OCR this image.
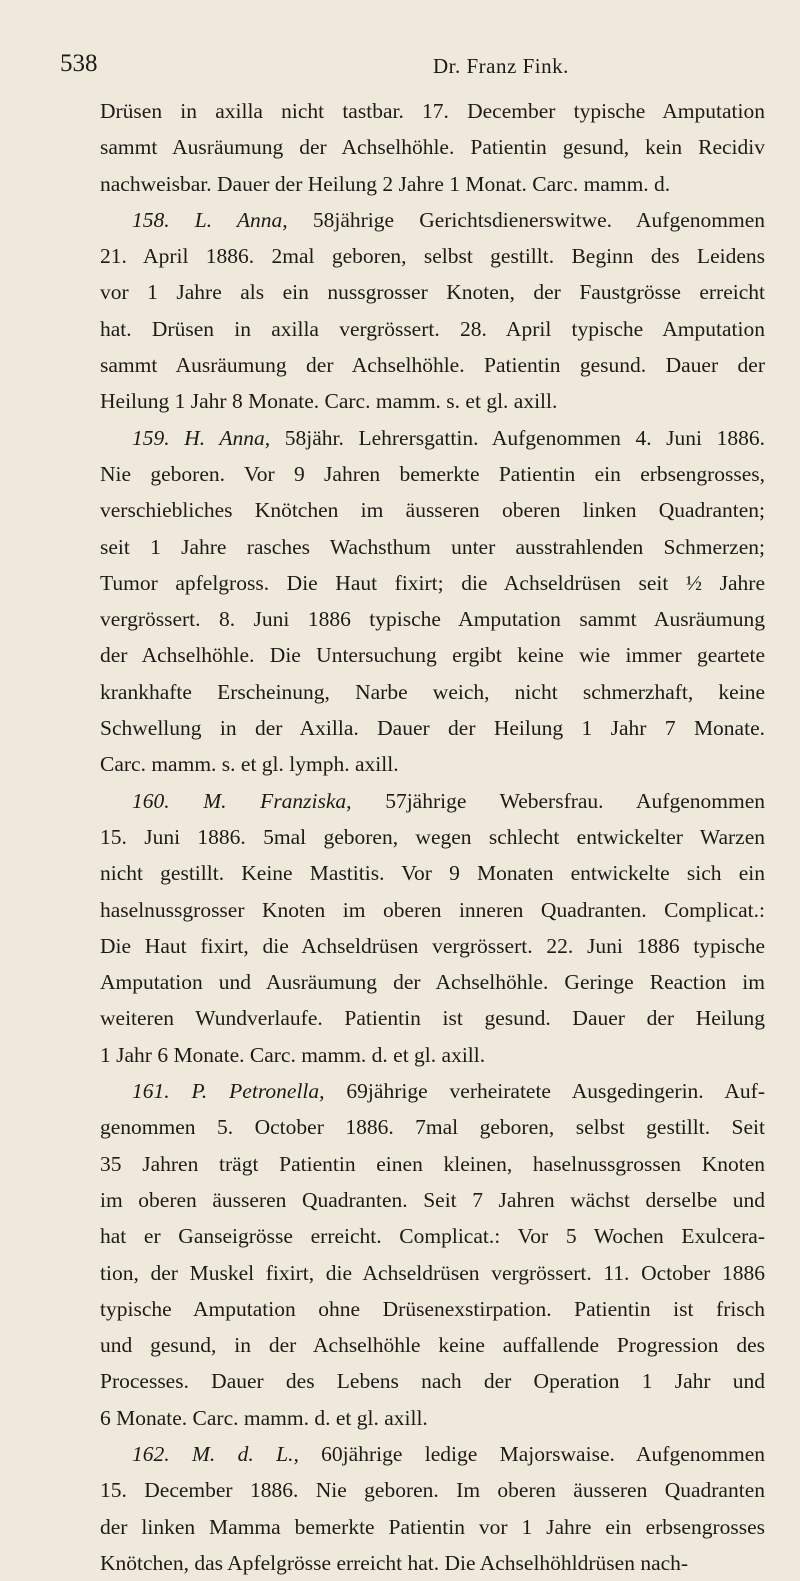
538	Dr. Franz Fink.
Drüsen in axilla nicht tastbar. 17. December typische Amputation
sammt Ausräumung der Achselhöhle. Patientin gesund, kein Recidiv
nachweisbar. Dauer der Heilung 2 Jahre 1 Monat. Carc. mamm. d.
158. L. Anna, 58jährige Gerichtsdienerswitwe. Aufgenommen
21. April 1886. 2mal geboren, selbst gestillt. Beginn des Leidens
vor 1 Jahre als ein nussgrosser Knoten, der Faustgrösse erreicht
hat. Drüsen in axilla vergrössert. 28. April typische Amputation
sammt Ausräumung der Achselhöhle. Patientin gesund. Dauer der
Heilung 1 Jahr 8 Monate. Carc. mamm. s. et gl. axill.
159. H. Anna, 58jähr. Lehrersgattin. Aufgenommen 4. Juni 1886.
Nie geboren. Vor 9 Jahren bemerkte Patientin ein erbsengrosses,
verschiebliches Knötchen im äusseren oberen linken Quadranten;
seit 1 Jahre rasches Wachsthum unter ausstrahlenden Schmerzen;
Tumor apfelgross. Die Haut fixirt; die Achseldrüsen seit ½ Jahre
vergrössert. 8. Juni 1886 typische Amputation sammt Ausräumung
der Achselhöhle. Die Untersuchung ergibt keine wie immer geartete
krankhafte Erscheinung, Narbe weich, nicht schmerzhaft, keine
Schwellung in der Axilla. Dauer der Heilung 1 Jahr 7 Monate.
Carc. mamm. s. et gl. lymph. axill.
160. M. Franziska, 57jährige Webersfrau. Aufgenommen
15. Juni 1886. 5mal geboren, wegen schlecht entwickelter Warzen
nicht gestillt. Keine Mastitis. Vor 9 Monaten entwickelte sich ein
haselnussgrosser Knoten im oberen inneren Quadranten. Complicat.:
Die Haut fixirt, die Achseldrüsen vergrössert. 22. Juni 1886 typische
Amputation und Ausräumung der Achselhöhle. Geringe Reaction im
weiteren Wundverlaufe. Patientin ist gesund. Dauer der Heilung
1 Jahr 6 Monate. Carc. mamm. d. et gl. axill.
161. P. Petronella, 69jährige verheiratete Ausgedingerin. Auf-
genommen 5. October 1886. 7mal geboren, selbst gestillt. Seit
35 Jahren trägt Patientin einen kleinen, haselnussgrossen Knoten
im oberen äusseren Quadranten. Seit 7 Jahren wächst derselbe und
hat er Ganseigrösse erreicht. Complicat.: Vor 5 Wochen Exulcera-
tion, der Muskel fixirt, die Achseldrüsen vergrössert. 11. October 1886
typische Amputation ohne Drüsenexstirpation. Patientin ist frisch
und gesund, in der Achselhöhle keine auffallende Progression des
Processes. Dauer des Lebens nach der Operation 1 Jahr und
6 Monate. Carc. mamm. d. et gl. axill.
162. M. d. L., 60jährige ledige Majorswaise. Aufgenommen
15. December 1886. Nie geboren. Im oberen äusseren Quadranten
der linken Mamma bemerkte Patientin vor 1 Jahre ein erbsengrosses
Knötchen, das Apfelgrösse erreicht hat. Die Achselhöhldrüsen nach-
